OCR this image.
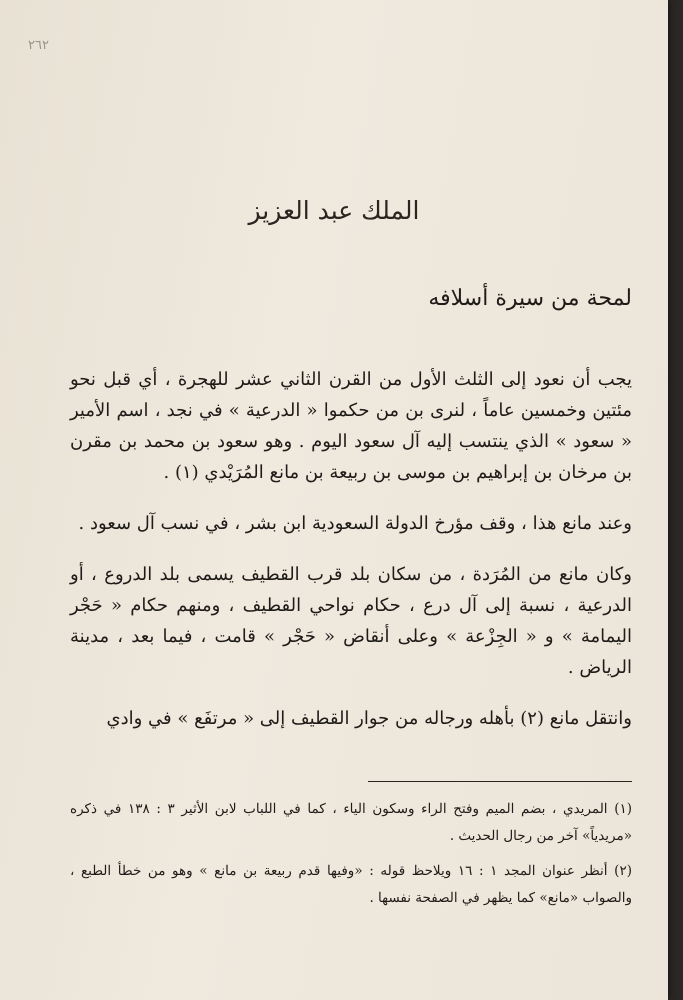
٢٦٢
الملك عبد العزيز
لمحة من سيرة أسلافه

يجب أن نعود إلى الثلث الأول من القرن الثاني عشر للهجرة ، أي قبل نحو مئتين وخمسين عاماً ، لنرى بن من حكموا « الدرعية » في نجد ، اسم الأمير « سعود » الذي ينتسب إليه آل سعود اليوم . وهو سعود بن محمد بن مقرن بن مرخان بن إبراهيم بن موسى بن ربيعة بن مانع المُرَيْدي (١) .

وعند مانع هذا ، وقف مؤرخ الدولة السعودية ابن بشر ، في نسب آل سعود .

وكان مانع من المُرَدة ، من سكان بلد قرب القطيف يسمى بلد الدروع ، أو الدرعية ، نسبة إلى آل درع ، حكام نواحي القطيف ، ومنهم حكام « حَجْر اليمامة » و « الجِزْعة » وعلى أنقاض « حَجْر » قامت ، فيما بعد ، مدينة الرياض .

وانتقل مانع (٢) بأهله ورجاله من جوار القطيف إلى « مرتفَع » في وادي

(١) المريدي ، بضم الميم وفتح الراء وسكون الياء ، كما في اللباب لابن الأثير ٣ : ١٣٨ في ذكره «مريدياً» آخر من رجال الحديث .

(٢) أنظر عنوان المجد ١ : ١٦ ويلاحظ قوله : «وفيها قدم ربيعة بن مانع » وهو من خطأ الطبع ، والصواب «مانع» كما يظهر في الصفحة نفسها .
